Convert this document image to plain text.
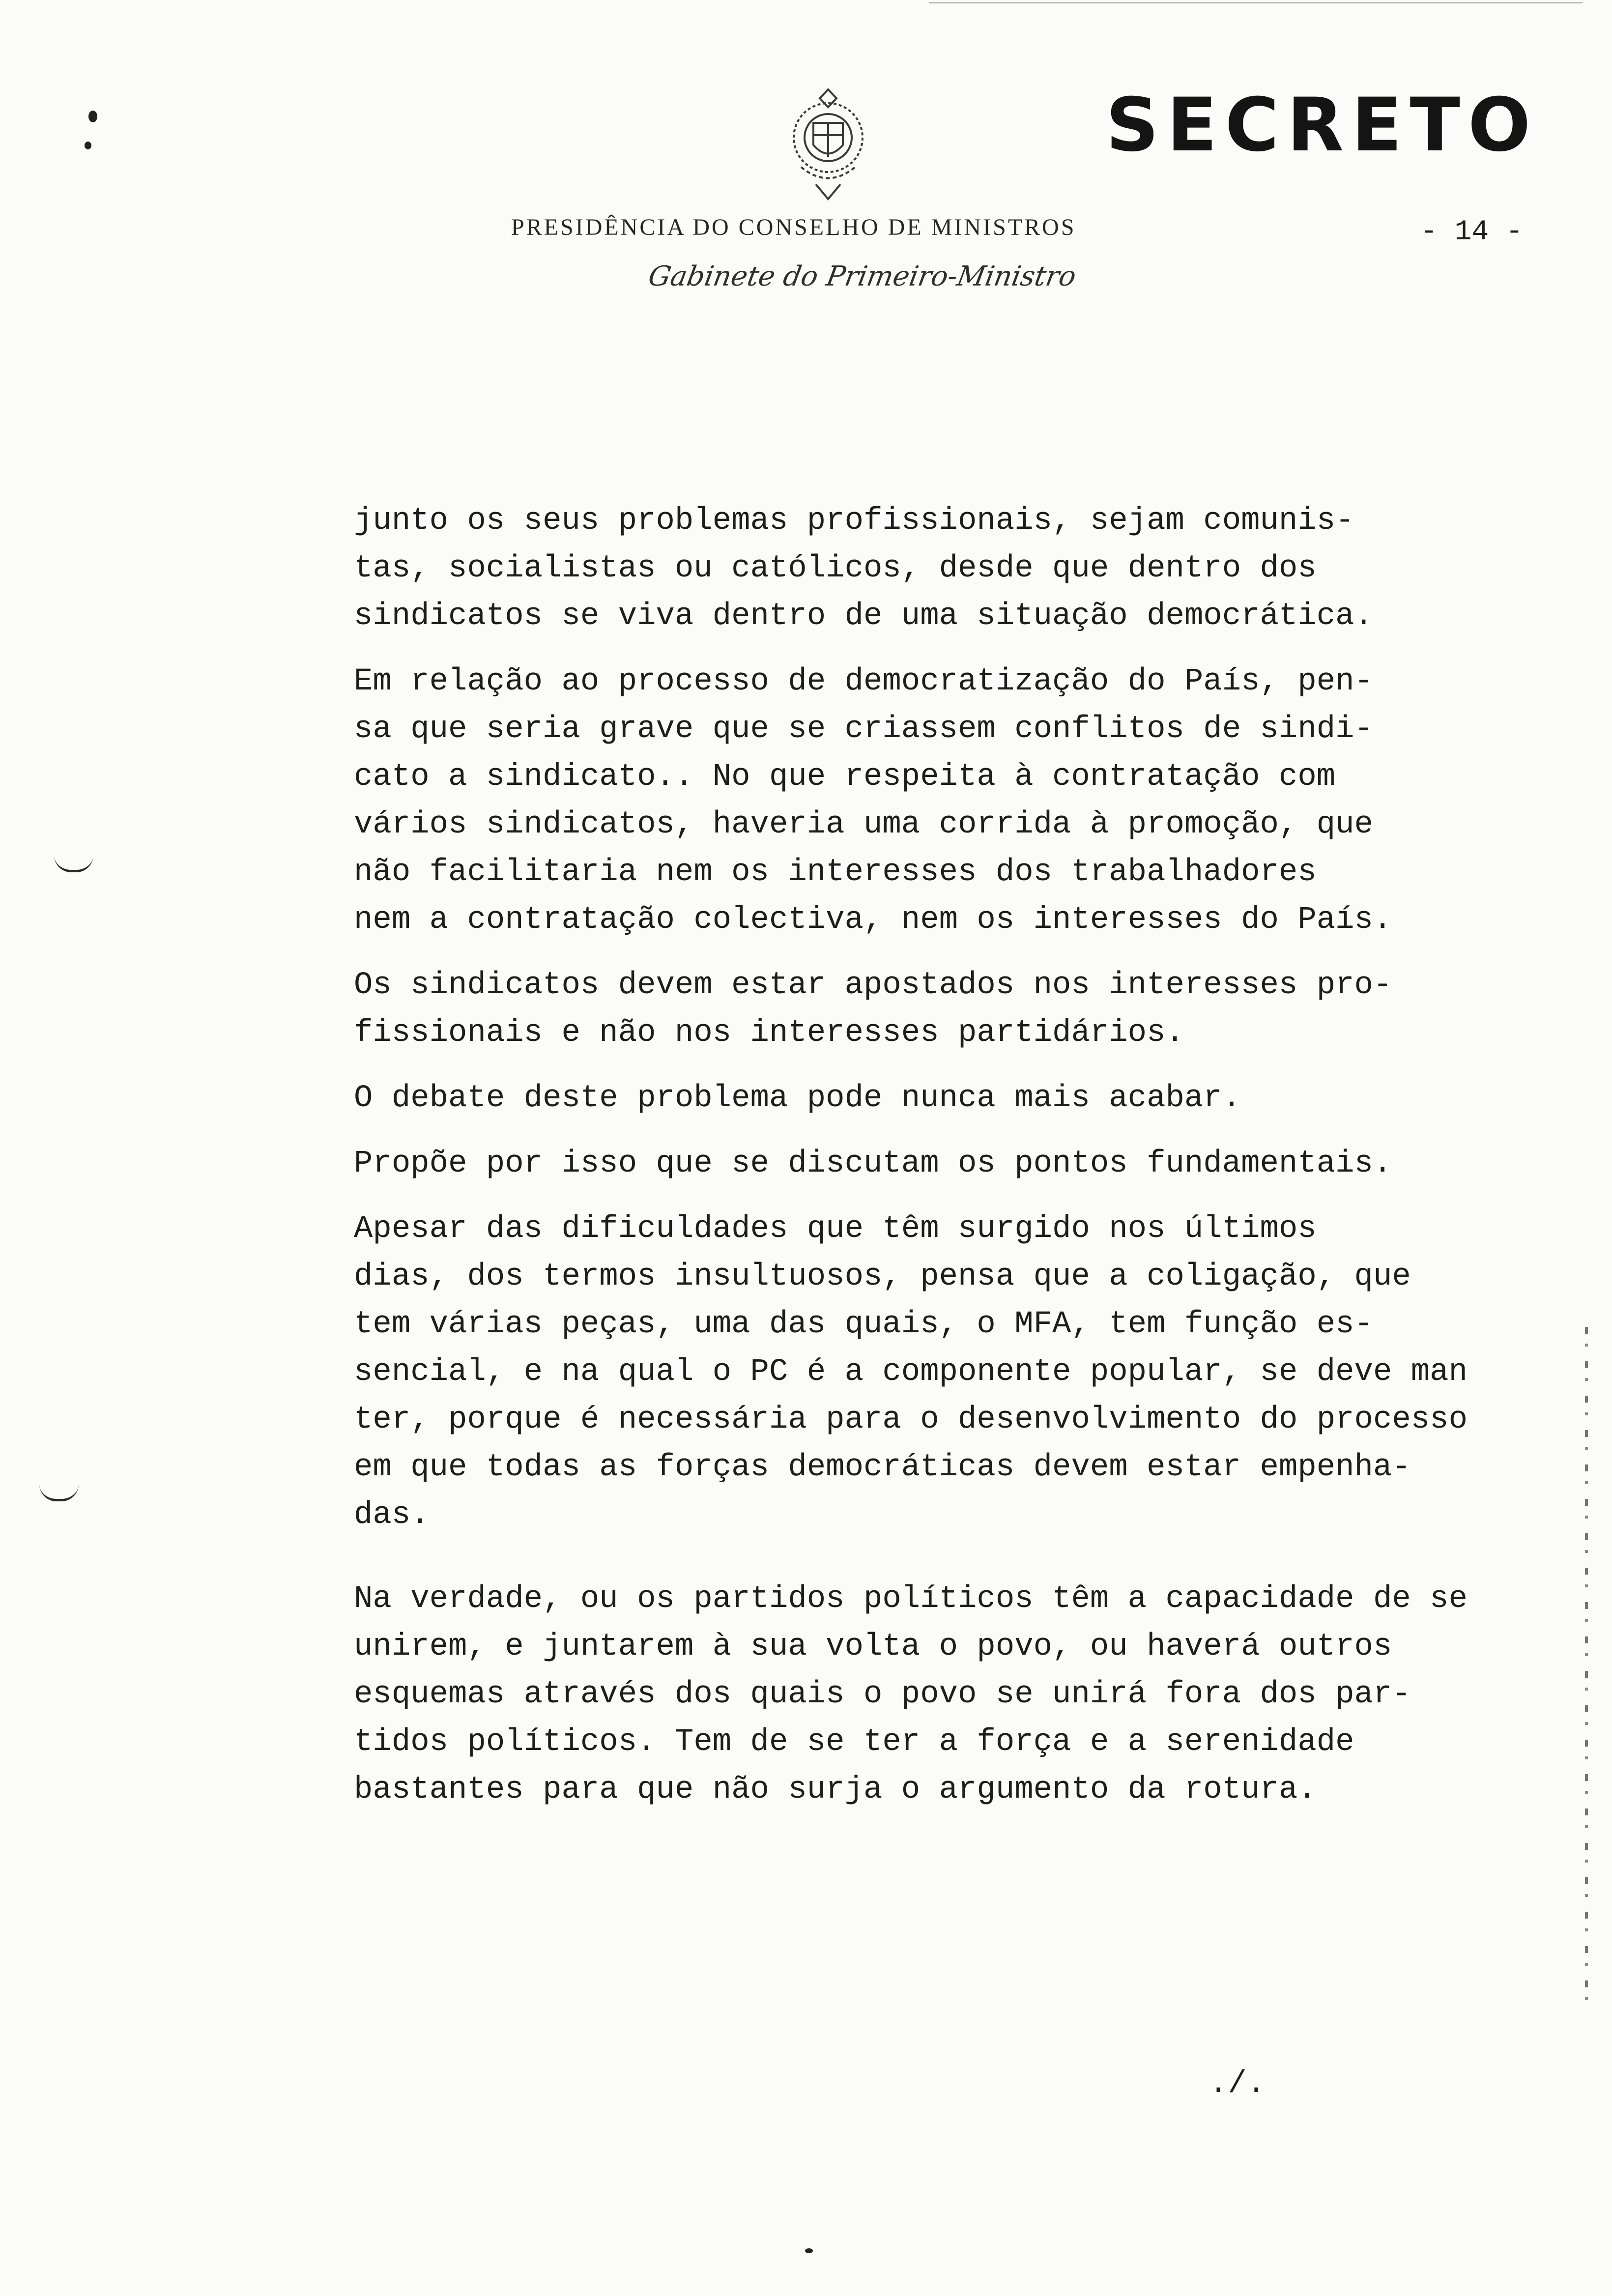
SECRETO
PRESIDÊNCIA DO CONSELHO DE MINISTROS	- 14 -
Gabinete do Primeiro-Ministro

junto os seus problemas profissionais, sejam comunis-
tas, socialistas ou católicos, desde que dentro dos
sindicatos se viva dentro de uma situação democrática.

Em relação ao processo de democratização do País, pen-
sa que seria grave que se criassem conflitos de sindi-
cato a sindicato.. No que respeita à contratação com
vários sindicatos, haveria uma corrida à promoção, que
não facilitaria nem os interesses dos trabalhadores
nem a contratação colectiva, nem os interesses do País.

Os sindicatos devem estar apostados nos interesses pro-
fissionais e não nos interesses partidários.

O debate deste problema pode nunca mais acabar.

Propõe por isso que se discutam os pontos fundamentais.

Apesar das dificuldades que têm surgido nos últimos
dias, dos termos insultuosos, pensa que a coligação, que
tem várias peças, uma das quais, o MFA, tem função es-
sencial, e na qual o PC é a componente popular, se deve man
ter, porque é necessária para o desenvolvimento do processo
em que todas as forças democráticas devem estar empenha-
das.

Na verdade, ou os partidos políticos têm a capacidade de se
unirem, e juntarem à sua volta o povo, ou haverá outros
esquemas através dos quais o povo se unirá fora dos par-
tidos políticos. Tem de se ter a força e a serenidade
bastantes para que não surja o argumento da rotura.

./.
